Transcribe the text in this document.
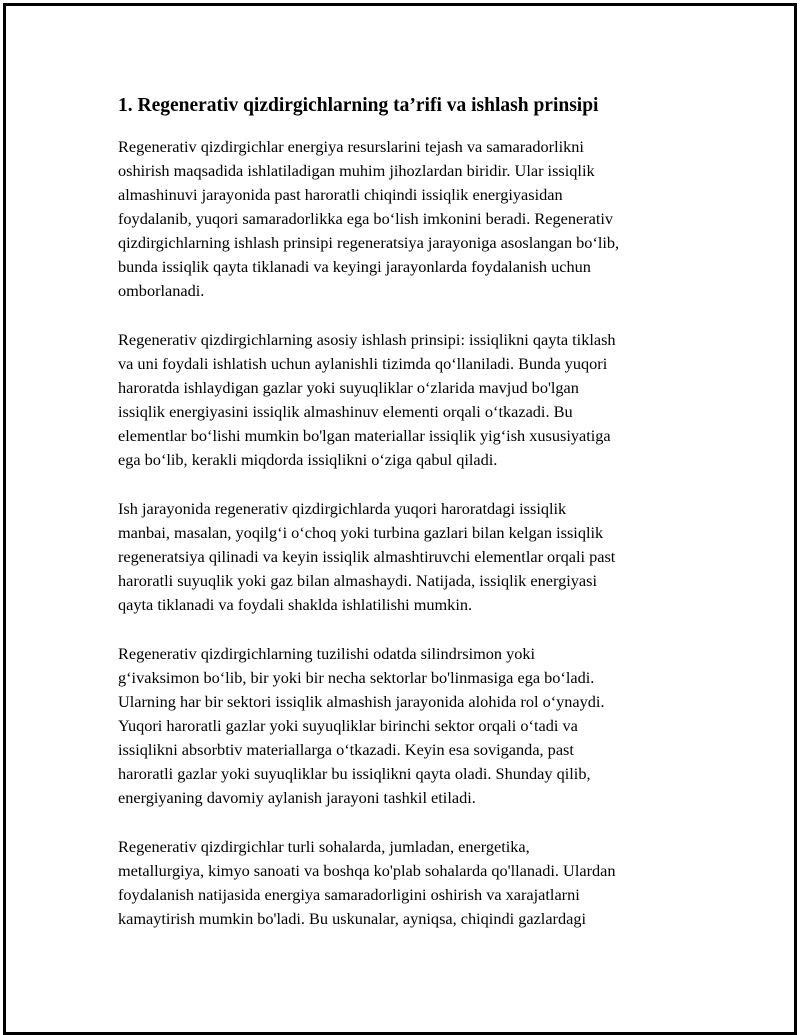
1. Regenerativ qizdirgichlarning ta’rifi va ishlash prinsipi
Regenerativ qizdirgichlar energiya resurslarini tejash va samaradorlikni
oshirish maqsadida ishlatiladigan muhim jihozlardan biridir. Ular issiqlik
almashinuvi jarayonida past haroratli chiqindi issiqlik energiyasidan
foydalanib, yuqori samaradorlikka ega boʻlish imkonini beradi. Regenerativ
qizdirgichlarning ishlash prinsipi regeneratsiya jarayoniga asoslangan boʻlib,
bunda issiqlik qayta tiklanadi va keyingi jarayonlarda foydalanish uchun
omborlanadi.
Regenerativ qizdirgichlarning asosiy ishlash prinsipi: issiqlikni qayta tiklash
va uni foydali ishlatish uchun aylanishli tizimda qoʻllaniladi. Bunda yuqori
haroratda ishlaydigan gazlar yoki suyuqliklar oʻzlarida mavjud bo'lgan
issiqlik energiyasini issiqlik almashinuv elementi orqali oʻtkazadi. Bu
elementlar boʻlishi mumkin bo'lgan materiallar issiqlik yigʻish xususiyatiga
ega boʻlib, kerakli miqdorda issiqlikni oʻziga qabul qiladi.
Ish jarayonida regenerativ qizdirgichlarda yuqori haroratdagi issiqlik
manbai, masalan, yoqilgʻi oʻchoq yoki turbina gazlari bilan kelgan issiqlik
regeneratsiya qilinadi va keyin issiqlik almashtiruvchi elementlar orqali past
haroratli suyuqlik yoki gaz bilan almashaydi. Natijada, issiqlik energiyasi
qayta tiklanadi va foydali shaklda ishlatilishi mumkin.
Regenerativ qizdirgichlarning tuzilishi odatda silindrsimon yoki
gʻivaksimon boʻlib, bir yoki bir necha sektorlar bo'linmasiga ega boʻladi.
Ularning har bir sektori issiqlik almashish jarayonida alohida rol oʻynaydi.
Yuqori haroratli gazlar yoki suyuqliklar birinchi sektor orqali oʻtadi va
issiqlikni absorbtiv materiallarga oʻtkazadi. Keyin esa soviganda, past
haroratli gazlar yoki suyuqliklar bu issiqlikni qayta oladi. Shunday qilib,
energiyaning davomiy aylanish jarayoni tashkil etiladi.
Regenerativ qizdirgichlar turli sohalarda, jumladan, energetika,
metallurgiya, kimyo sanoati va boshqa ko'plab sohalarda qo'llanadi. Ulardan
foydalanish natijasida energiya samaradorligini oshirish va xarajatlarni
kamaytirish mumkin bo'ladi. Bu uskunalar, ayniqsa, chiqindi gazlardagi
